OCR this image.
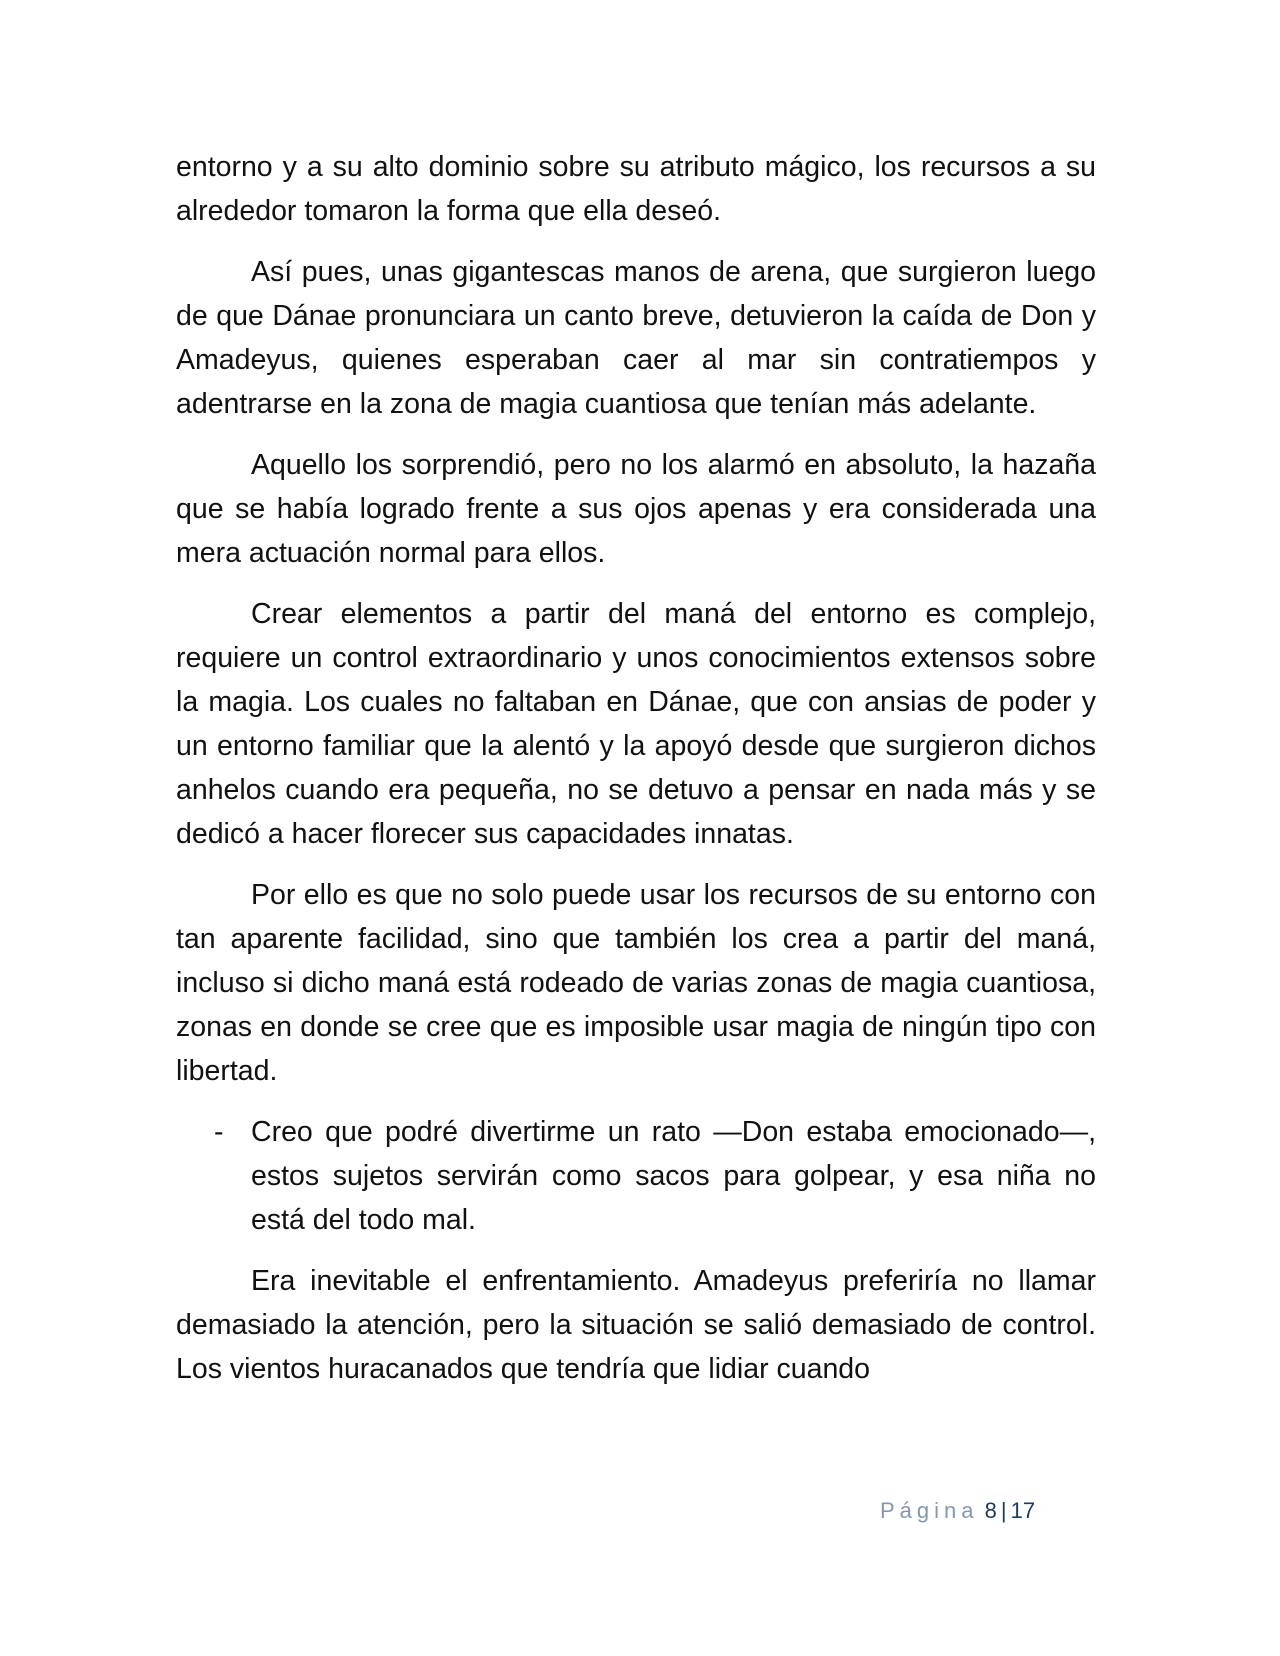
entorno y a su alto dominio sobre su atributo mágico, los recursos a su alrededor tomaron la forma que ella deseó.

Así pues, unas gigantescas manos de arena, que surgieron luego de que Dánae pronunciara un canto breve, detuvieron la caída de Don y Amadeyus, quienes esperaban caer al mar sin contratiempos y adentrarse en la zona de magia cuantiosa que tenían más adelante.

Aquello los sorprendió, pero no los alarmó en absoluto, la hazaña que se había logrado frente a sus ojos apenas y era considerada una mera actuación normal para ellos.

Crear elementos a partir del maná del entorno es complejo, requiere un control extraordinario y unos conocimientos extensos sobre la magia. Los cuales no faltaban en Dánae, que con ansias de poder y un entorno familiar que la alentó y la apoyó desde que surgieron dichos anhelos cuando era pequeña, no se detuvo a pensar en nada más y se dedicó a hacer florecer sus capacidades innatas.

Por ello es que no solo puede usar los recursos de su entorno con tan aparente facilidad, sino que también los crea a partir del maná, incluso si dicho maná está rodeado de varias zonas de magia cuantiosa, zonas en donde se cree que es imposible usar magia de ningún tipo con libertad.

- Creo que podré divertirme un rato —Don estaba emocionado—, estos sujetos servirán como sacos para golpear, y esa niña no está del todo mal.

Era inevitable el enfrentamiento. Amadeyus preferiría no llamar demasiado la atención, pero la situación se salió demasiado de control. Los vientos huracanados que tendría que lidiar cuando

Página 8 | 17
